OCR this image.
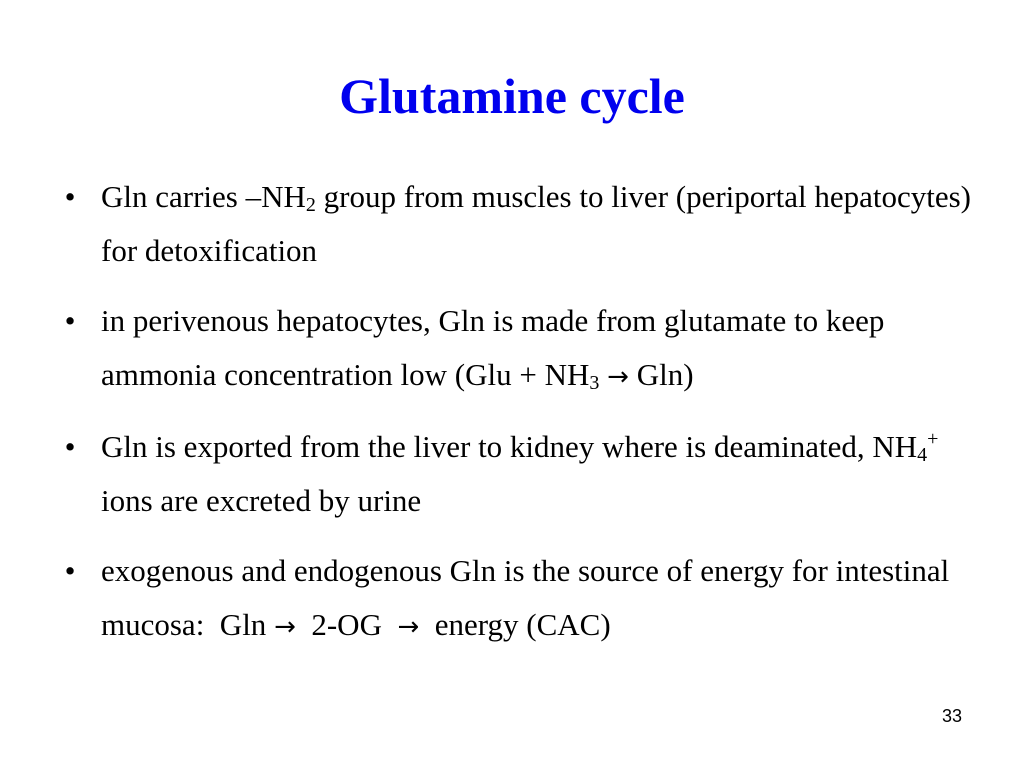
Glutamine cycle
• Gln carries $-NH_2$ group from muscles to liver (periportal hepatocytes) for detoxification
• in perivenous hepatocytes, Gln is made from glutamate to keep ammonia concentration low $(Glu + NH_3 \to Gln)$
• Gln is exported from the liver to kidney where is deaminated, $NH_4^+$ ions are excreted by urine
• exogenous and endogenous Gln is the source of energy for intestinal mucosa:  Gln →  2-OG  →  energy (CAC)
33
